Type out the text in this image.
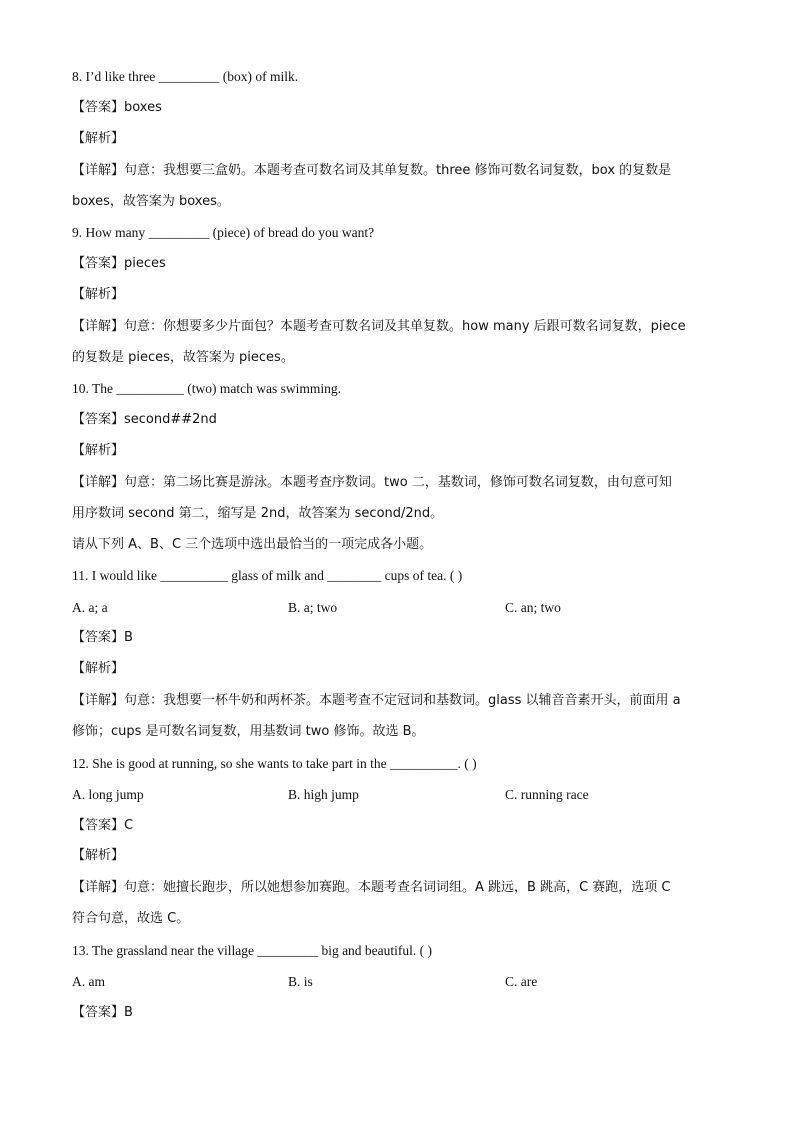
8. I’d like three _________ (box) of milk.
【答案】boxes
【解析】
【详解】句意：我想要三盒奶。本题考查可数名词及其单复数。three 修饰可数名词复数，box 的复数是
boxes，故答案为 boxes。
9. How many _________ (piece) of bread do you want?
【答案】pieces
【解析】
【详解】句意：你想要多少片面包？本题考查可数名词及其单复数。how many 后跟可数名词复数，piece
的复数是 pieces，故答案为 pieces。
10. The __________ (two) match was swimming.
【答案】second##2nd
【解析】
【详解】句意：第二场比赛是游泳。本题考查序数词。two 二，基数词，修饰可数名词复数，由句意可知
用序数词 second 第二，缩写是 2nd，故答案为 second/2nd。
请从下列 A、B、C 三个选项中选出最恰当的一项完成各小题。
11. I would like __________ glass of milk and ________ cups of tea. ( )
A. a; a	B. a; two	C. an; two
【答案】B
【解析】
【详解】句意：我想要一杯牛奶和两杯茶。本题考查不定冠词和基数词。glass 以辅音音素开头，前面用 a
修饰；cups 是可数名词复数，用基数词 two 修饰。故选 B。
12. She is good at running, so she wants to take part in the __________. ( )
A. long jump	B. high jump	C. running race
【答案】C
【解析】
【详解】句意：她擅长跑步，所以她想参加赛跑。本题考查名词词组。A 跳远，B 跳高，C 赛跑，选项 C
符合句意，故选 C。
13. The grassland near the village _________ big and beautiful. ( )
A. am	B. is	C. are
【答案】B
